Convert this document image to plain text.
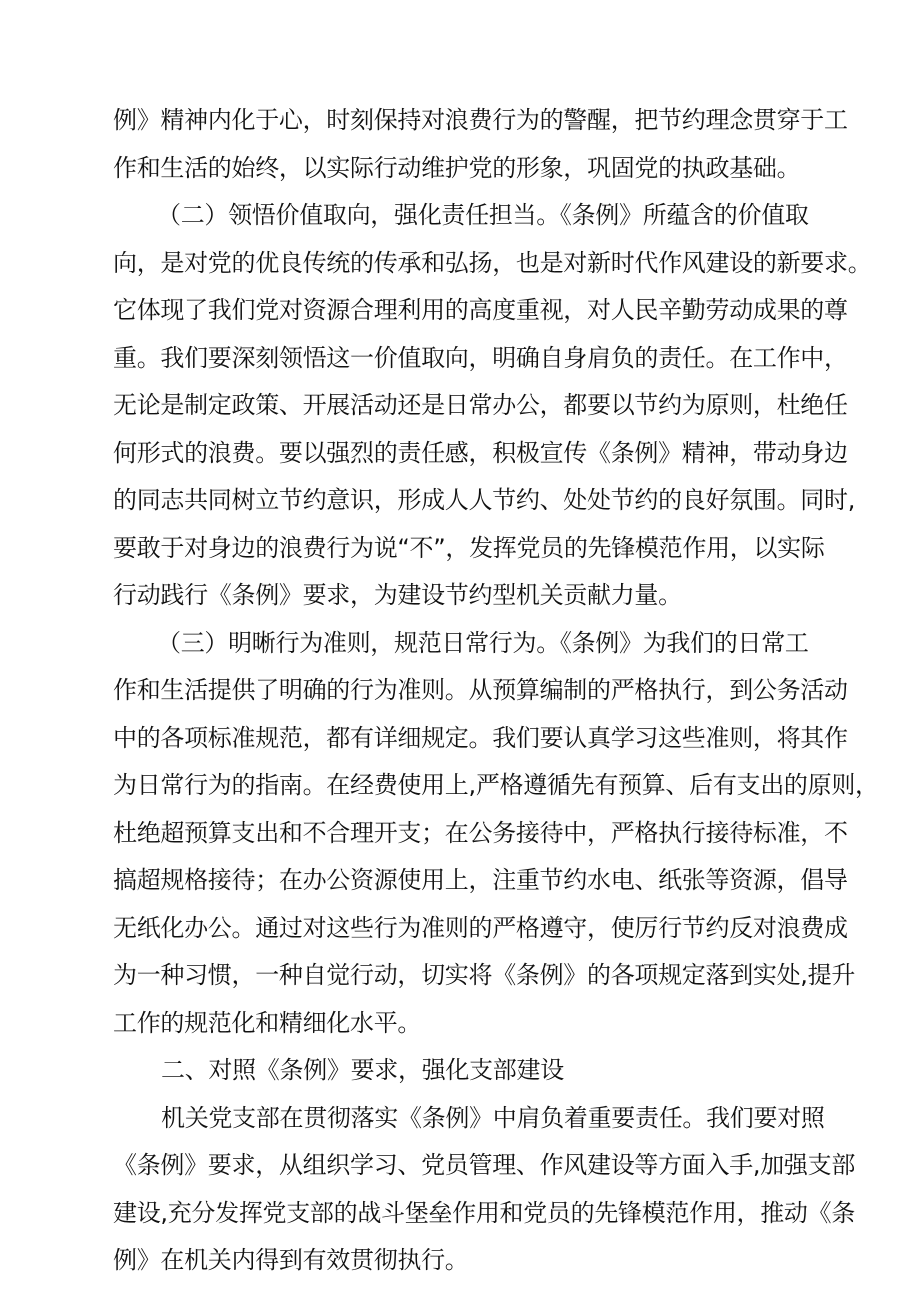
例》精神内化于心，时刻保持对浪费行为的警醒，把节约理念贯穿于工
作和生活的始终，以实际行动维护党的形象，巩固党的执政基础。
（二）领悟价值取向，强化责任担当。《条例》所蕴含的价值取
向，是对党的优良传统的传承和弘扬，也是对新时代作风建设的新要求。
它体现了我们党对资源合理利用的高度重视，对人民辛勤劳动成果的尊
重。我们要深刻领悟这一价值取向，明确自身肩负的责任。在工作中，
无论是制定政策、开展活动还是日常办公，都要以节约为原则，杜绝任
何形式的浪费。要以强烈的责任感，积极宣传《条例》精神，带动身边
的同志共同树立节约意识，形成人人节约、处处节约的良好氛围。同时,
要敢于对身边的浪费行为说“不”，发挥党员的先锋模范作用，以实际
行动践行《条例》要求，为建设节约型机关贡献力量。
（三）明晰行为准则，规范日常行为。《条例》为我们的日常工
作和生活提供了明确的行为准则。从预算编制的严格执行，到公务活动
中的各项标准规范，都有详细规定。我们要认真学习这些准则，将其作
为日常行为的指南。在经费使用上,严格遵循先有预算、后有支出的原则，
杜绝超预算支出和不合理开支；在公务接待中，严格执行接待标准，不
搞超规格接待；在办公资源使用上，注重节约水电、纸张等资源，倡导
无纸化办公。通过对这些行为准则的严格遵守，使厉行节约反对浪费成
为一种习惯，一种自觉行动，切实将《条例》的各项规定落到实处,提升
工作的规范化和精细化水平。
二、对照《条例》要求，强化支部建设
机关党支部在贯彻落实《条例》中肩负着重要责任。我们要对照
《条例》要求，从组织学习、党员管理、作风建设等方面入手,加强支部
建设,充分发挥党支部的战斗堡垒作用和党员的先锋模范作用，推动《条
例》在机关内得到有效贯彻执行。
